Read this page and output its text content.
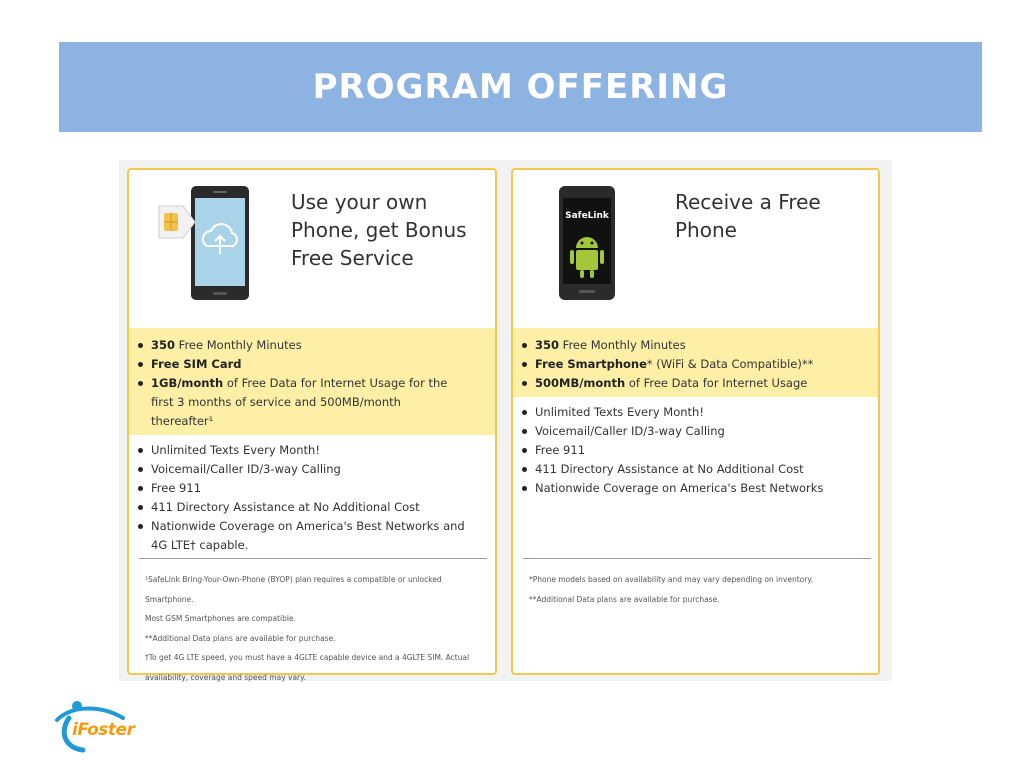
PROGRAM OFFERING
Use your own
Phone, get Bonus
Free Service
350 Free Monthly Minutes
Free SIM Card
1GB/month of Free Data for Internet Usage for the first 3 months of service and 500MB/month thereafter¹
Unlimited Texts Every Month!
Voicemail/Caller ID/3-way Calling
Free 911
411 Directory Assistance at No Additional Cost
Nationwide Coverage on America's Best Networks and 4G LTE† capable.
¹SafeLink Bring-Your-Own-Phone (BYOP) plan requires a compatible or unlocked Smartphone.
Most GSM Smartphones are compatible.
**Additional Data plans are available for purchase.
†To get 4G LTE speed, you must have a 4GLTE capable device and a 4GLTE SIM. Actual
availability, coverage and speed may vary.
SafeLink
Receive a Free
Phone
350 Free Monthly Minutes
Free Smartphone* (WiFi & Data Compatible)**
500MB/month of Free Data for Internet Usage
Unlimited Texts Every Month!
Voicemail/Caller ID/3-way Calling
Free 911
411 Directory Assistance at No Additional Cost
Nationwide Coverage on America's Best Networks
*Phone models based on availability and may vary depending on inventory.
**Additional Data plans are available for purchase.
iFoster
